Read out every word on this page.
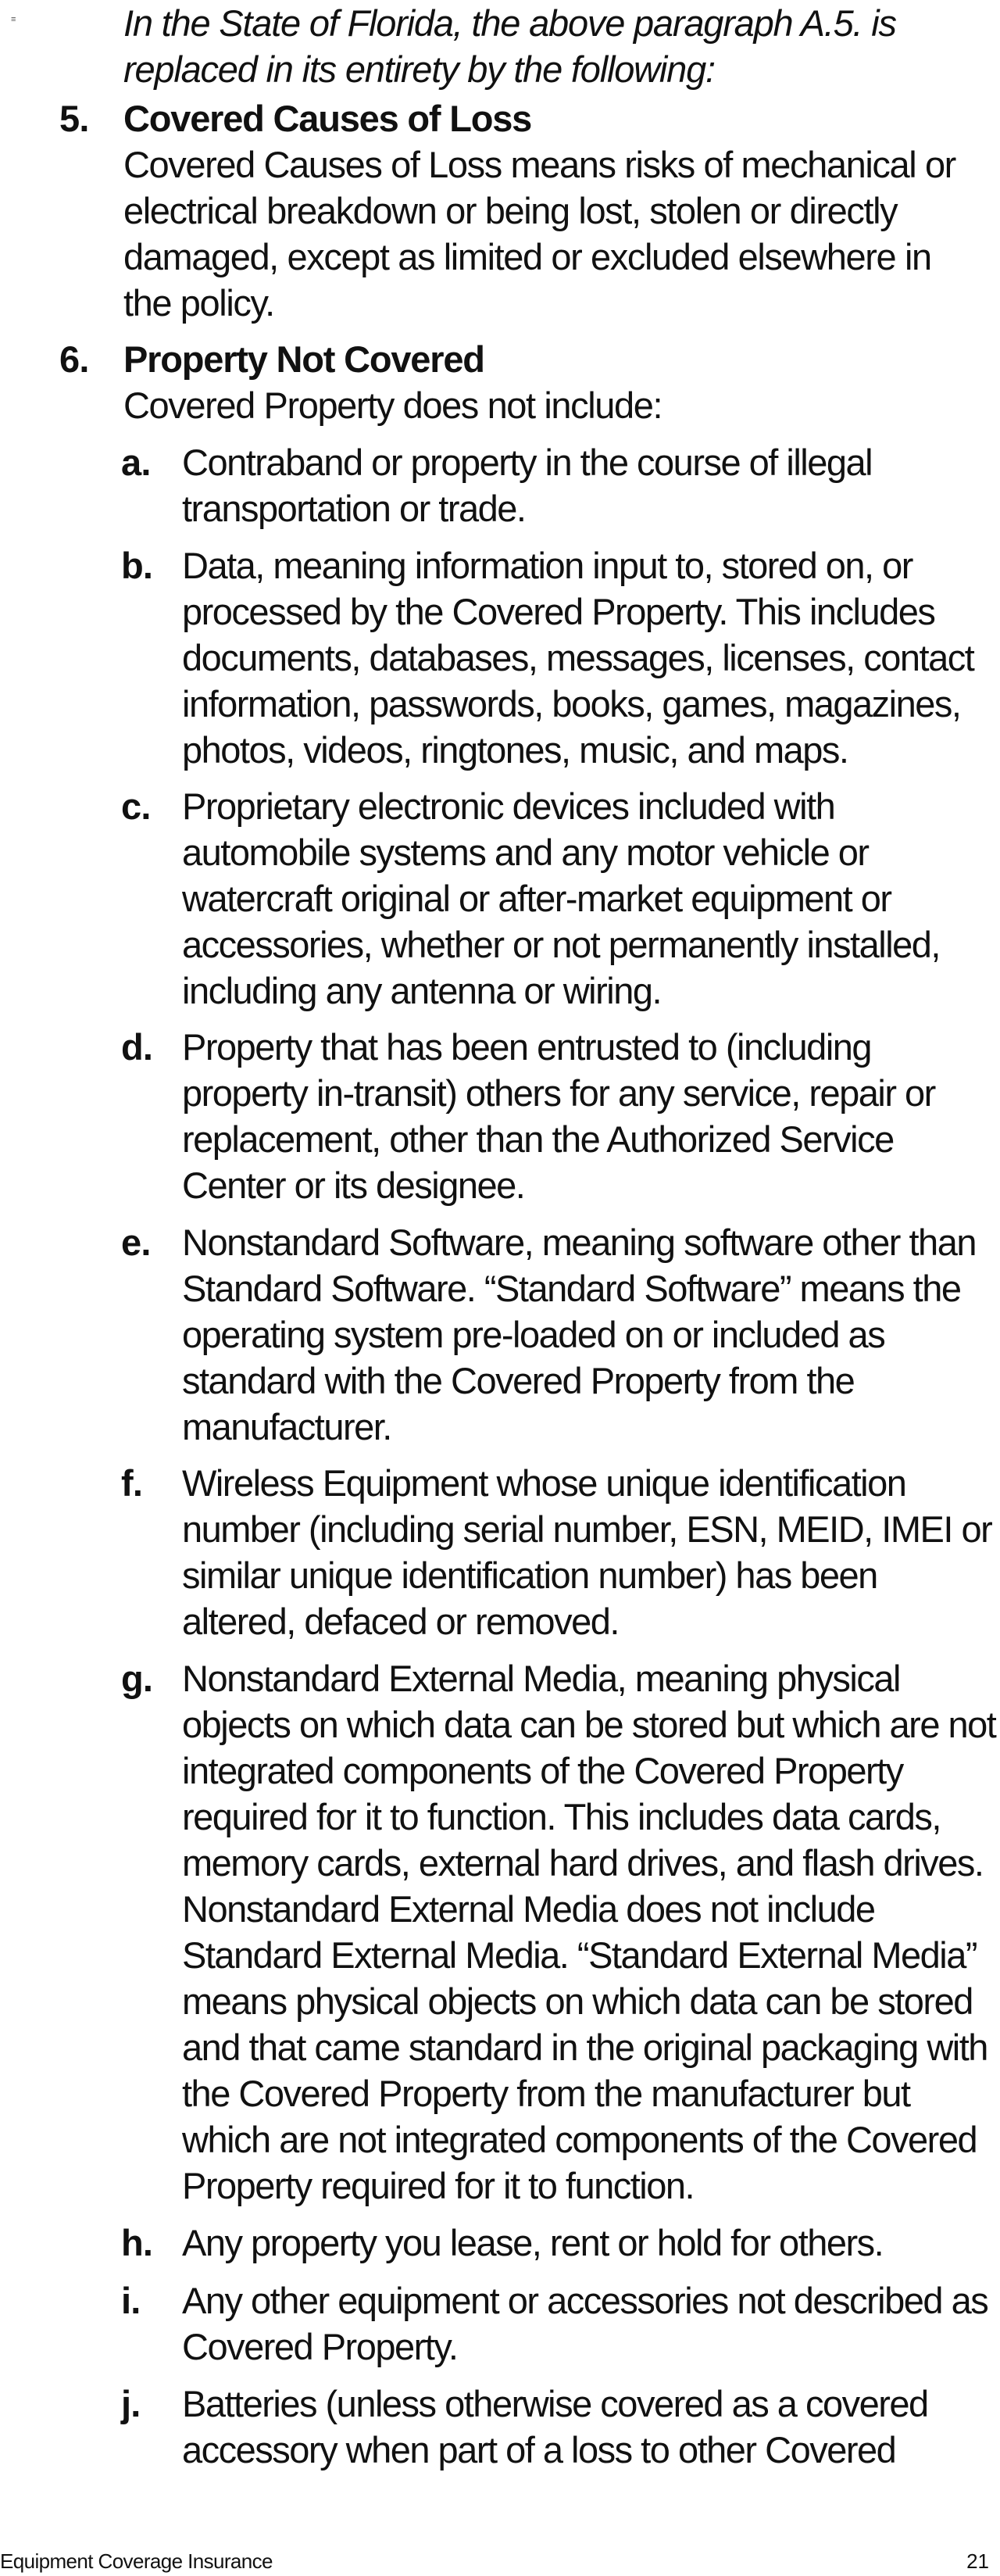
≡	In the State of Florida, the above paragraph A.5. is replaced in its entirety by the following:
5. Covered Causes of Loss
Covered Causes of Loss means risks of mechanical or electrical breakdown or being lost, stolen or directly damaged, except as limited or excluded elsewhere in the policy.
6. Property Not Covered
Covered Property does not include:
a. Contraband or property in the course of illegal transportation or trade.
b. Data, meaning information input to, stored on, or processed by the Covered Property. This includes documents, databases, messages, licenses, contact information, passwords, books, games, magazines, photos, videos, ringtones, music, and maps.
c. Proprietary electronic devices included with automobile systems and any motor vehicle or watercraft original or after-market equipment or accessories, whether or not permanently installed, including any antenna or wiring.
d. Property that has been entrusted to (including property in-transit) others for any service, repair or replacement, other than the Authorized Service Center or its designee.
e. Nonstandard Software, meaning software other than Standard Software. “Standard Software” means the operating system pre-loaded on or included as standard with the Covered Property from the manufacturer.
f. Wireless Equipment whose unique identification number (including serial number, ESN, MEID, IMEI or similar unique identification number) has been altered, defaced or removed.
g. Nonstandard External Media, meaning physical objects on which data can be stored but which are not integrated components of the Covered Property required for it to function. This includes data cards, memory cards, external hard drives, and flash drives. Nonstandard External Media does not include Standard External Media. “Standard External Media” means physical objects on which data can be stored and that came standard in the original packaging with the Covered Property from the manufacturer but which are not integrated components of the Covered Property required for it to function.
h. Any property you lease, rent or hold for others.
i. Any other equipment or accessories not described as Covered Property.
j. Batteries (unless otherwise covered as a covered accessory when part of a loss to other Covered
Equipment Coverage Insurance	21
